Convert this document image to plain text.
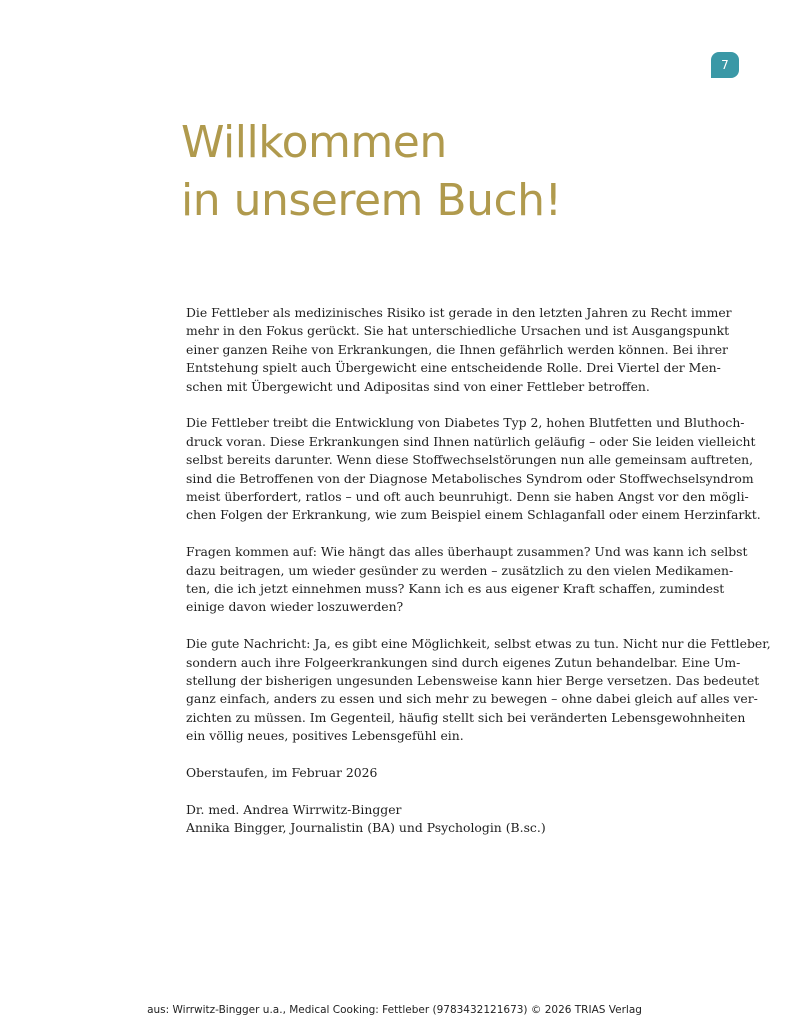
7
Willkommen
in unserem Buch!

Die Fettleber als medizinisches Risiko ist gerade in den letzten Jahren zu Recht immer
mehr in den Fokus gerückt. Sie hat unterschiedliche Ursachen und ist Ausgangspunkt
einer ganzen Reihe von Erkrankungen, die Ihnen gefährlich werden können. Bei ihrer
Entstehung spielt auch Übergewicht eine entscheidende Rolle. Drei Viertel der Men-
schen mit Übergewicht und Adipositas sind von einer Fettleber betroffen.

Die Fettleber treibt die Entwicklung von Diabetes Typ 2, hohen Blutfetten und Bluthoch-
druck voran. Diese Erkrankungen sind Ihnen natürlich geläufig – oder Sie leiden vielleicht
selbst bereits darunter. Wenn diese Stoffwechselstörungen nun alle gemeinsam auftreten,
sind die Betroffenen von der Diagnose Metabolisches Syndrom oder Stoffwechselsyndrom
meist überfordert, ratlos – und oft auch beunruhigt. Denn sie haben Angst vor den mögli-
chen Folgen der Erkrankung, wie zum Beispiel einem Schlaganfall oder einem Herzinfarkt.

Fragen kommen auf: Wie hängt das alles überhaupt zusammen? Und was kann ich selbst
dazu beitragen, um wieder gesünder zu werden – zusätzlich zu den vielen Medikamen-
ten, die ich jetzt einnehmen muss? Kann ich es aus eigener Kraft schaffen, zumindest
einige davon wieder loszuwerden?

Die gute Nachricht: Ja, es gibt eine Möglichkeit, selbst etwas zu tun. Nicht nur die Fettleber,
sondern auch ihre Folgeerkrankungen sind durch eigenes Zutun behandelbar. Eine Um-
stellung der bisherigen ungesunden Lebensweise kann hier Berge versetzen. Das bedeutet
ganz einfach, anders zu essen und sich mehr zu bewegen – ohne dabei gleich auf alles ver-
zichten zu müssen. Im Gegenteil, häufig stellt sich bei veränderten Lebensgewohnheiten
ein völlig neues, positives Lebensgefühl ein.

Oberstaufen, im Februar 2026

Dr. med. Andrea Wirrwitz-Bingger
Annika Bingger, Journalistin (BA) und Psychologin (B.sc.)

aus: Wirrwitz-Bingger u.a., Medical Cooking: Fettleber (9783432121673) © 2026 TRIAS Verlag
